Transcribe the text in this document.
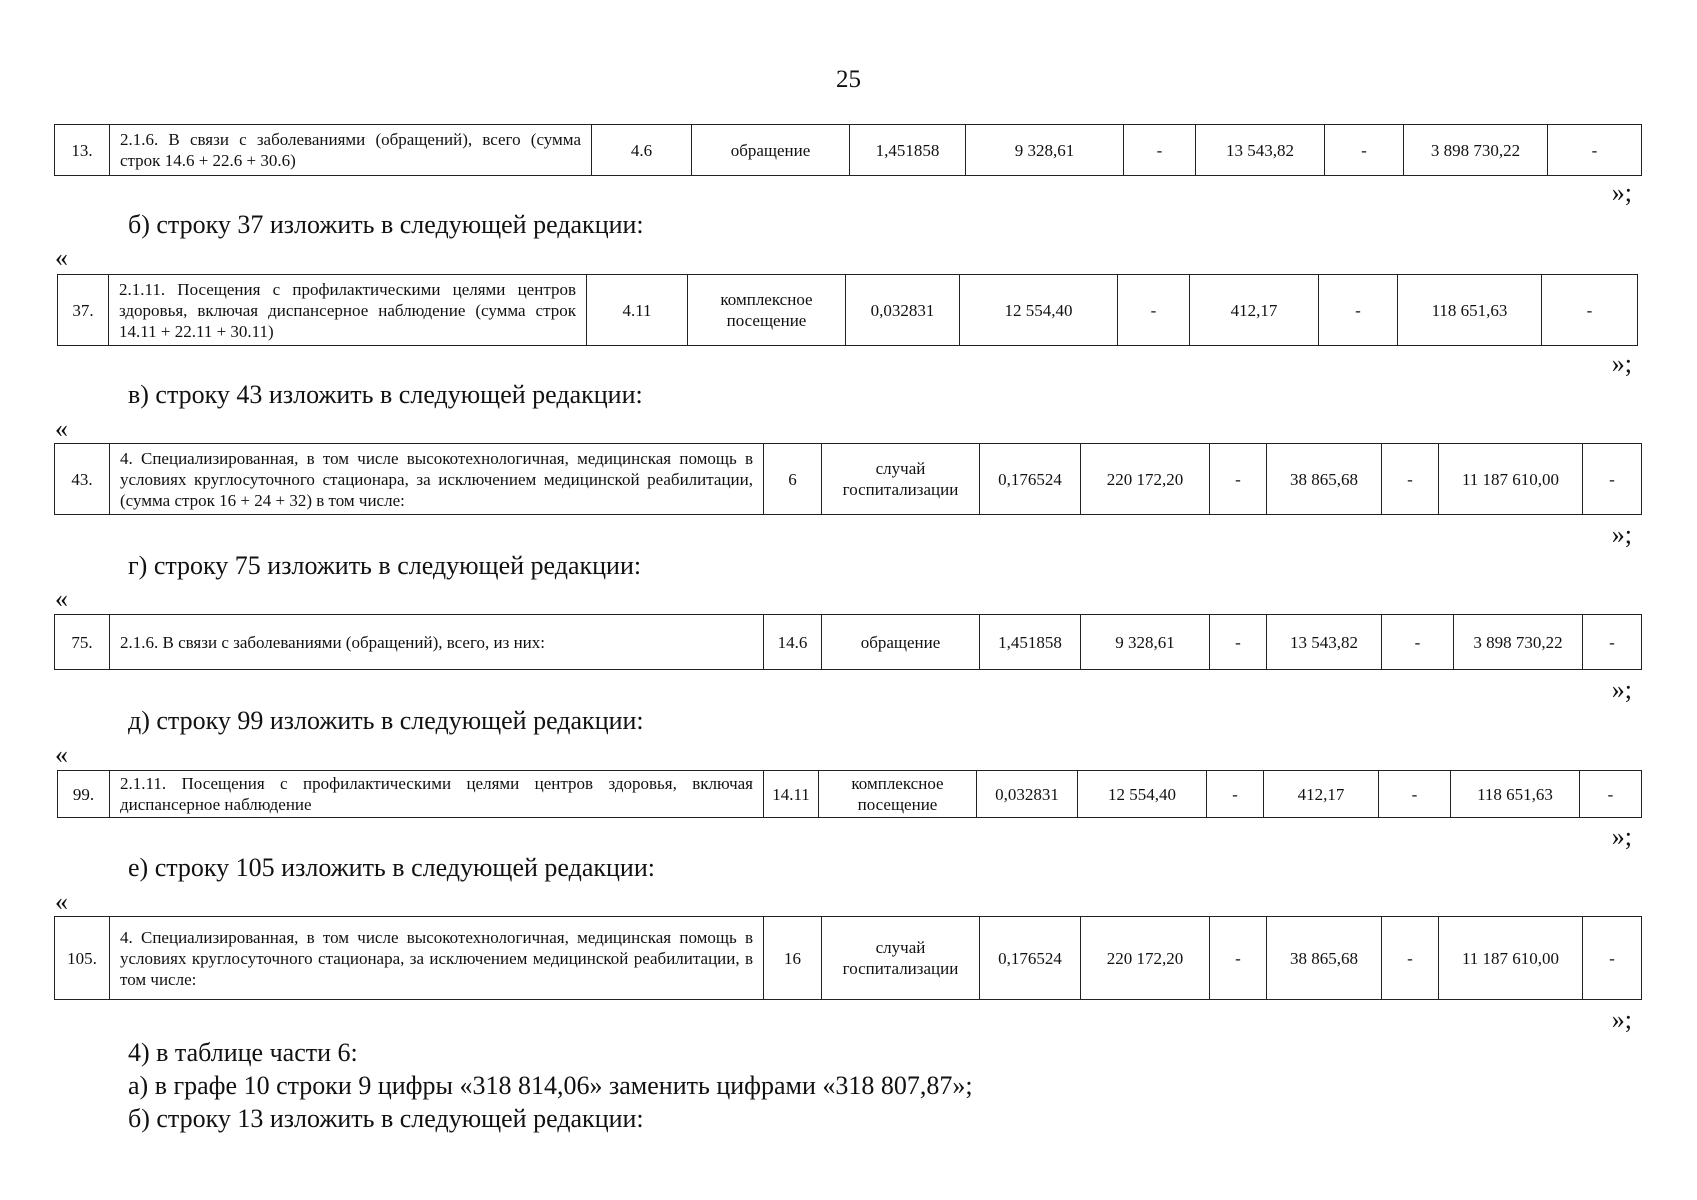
25
13.	2.1.6. В связи с заболеваниями (обращений), всего (сумма строк 14.6 + 22.6 + 30.6)	4.6	обращение	1,451858	9 328,61	-	13 543,82	-	3 898 730,22	-
»;
б) строку 37 изложить в следующей редакции:
«
37.	2.1.11. Посещения с профилактическими целями центров здоровья, включая диспансерное наблюдение (сумма строк 14.11 + 22.11 + 30.11)	4.11	комплексное посещение	0,032831	12 554,40	-	412,17	-	118 651,63	-
»;
в) строку 43 изложить в следующей редакции:
«
43.	4. Специализированная, в том числе высокотехнологичная, медицинская помощь в условиях круглосуточного стационара, за исключением медицинской реабилитации, (сумма строк 16 + 24 + 32) в том числе:	6	случай госпитализации	0,176524	220 172,20	-	38 865,68	-	11 187 610,00	-
»;
г) строку 75 изложить в следующей редакции:
«
75.	2.1.6. В связи с заболеваниями (обращений), всего, из них:	14.6	обращение	1,451858	9 328,61	-	13 543,82	-	3 898 730,22	-
»;
д) строку 99 изложить в следующей редакции:
«
99.	2.1.11. Посещения с профилактическими целями центров здоровья, включая диспансерное наблюдение	14.11	комплексное посещение	0,032831	12 554,40	-	412,17	-	118 651,63	-
»;
е) строку 105 изложить в следующей редакции:
«
105.	4. Специализированная, в том числе высокотехнологичная, медицинская помощь в условиях круглосуточного стационара, за исключением медицинской реабилитации, в том числе:	16	случай госпитализации	0,176524	220 172,20	-	38 865,68	-	11 187 610,00	-
»;
4) в таблице части 6:
а) в графе 10 строки 9 цифры «318 814,06» заменить цифрами «318 807,87»;
б) строку 13 изложить в следующей редакции:
